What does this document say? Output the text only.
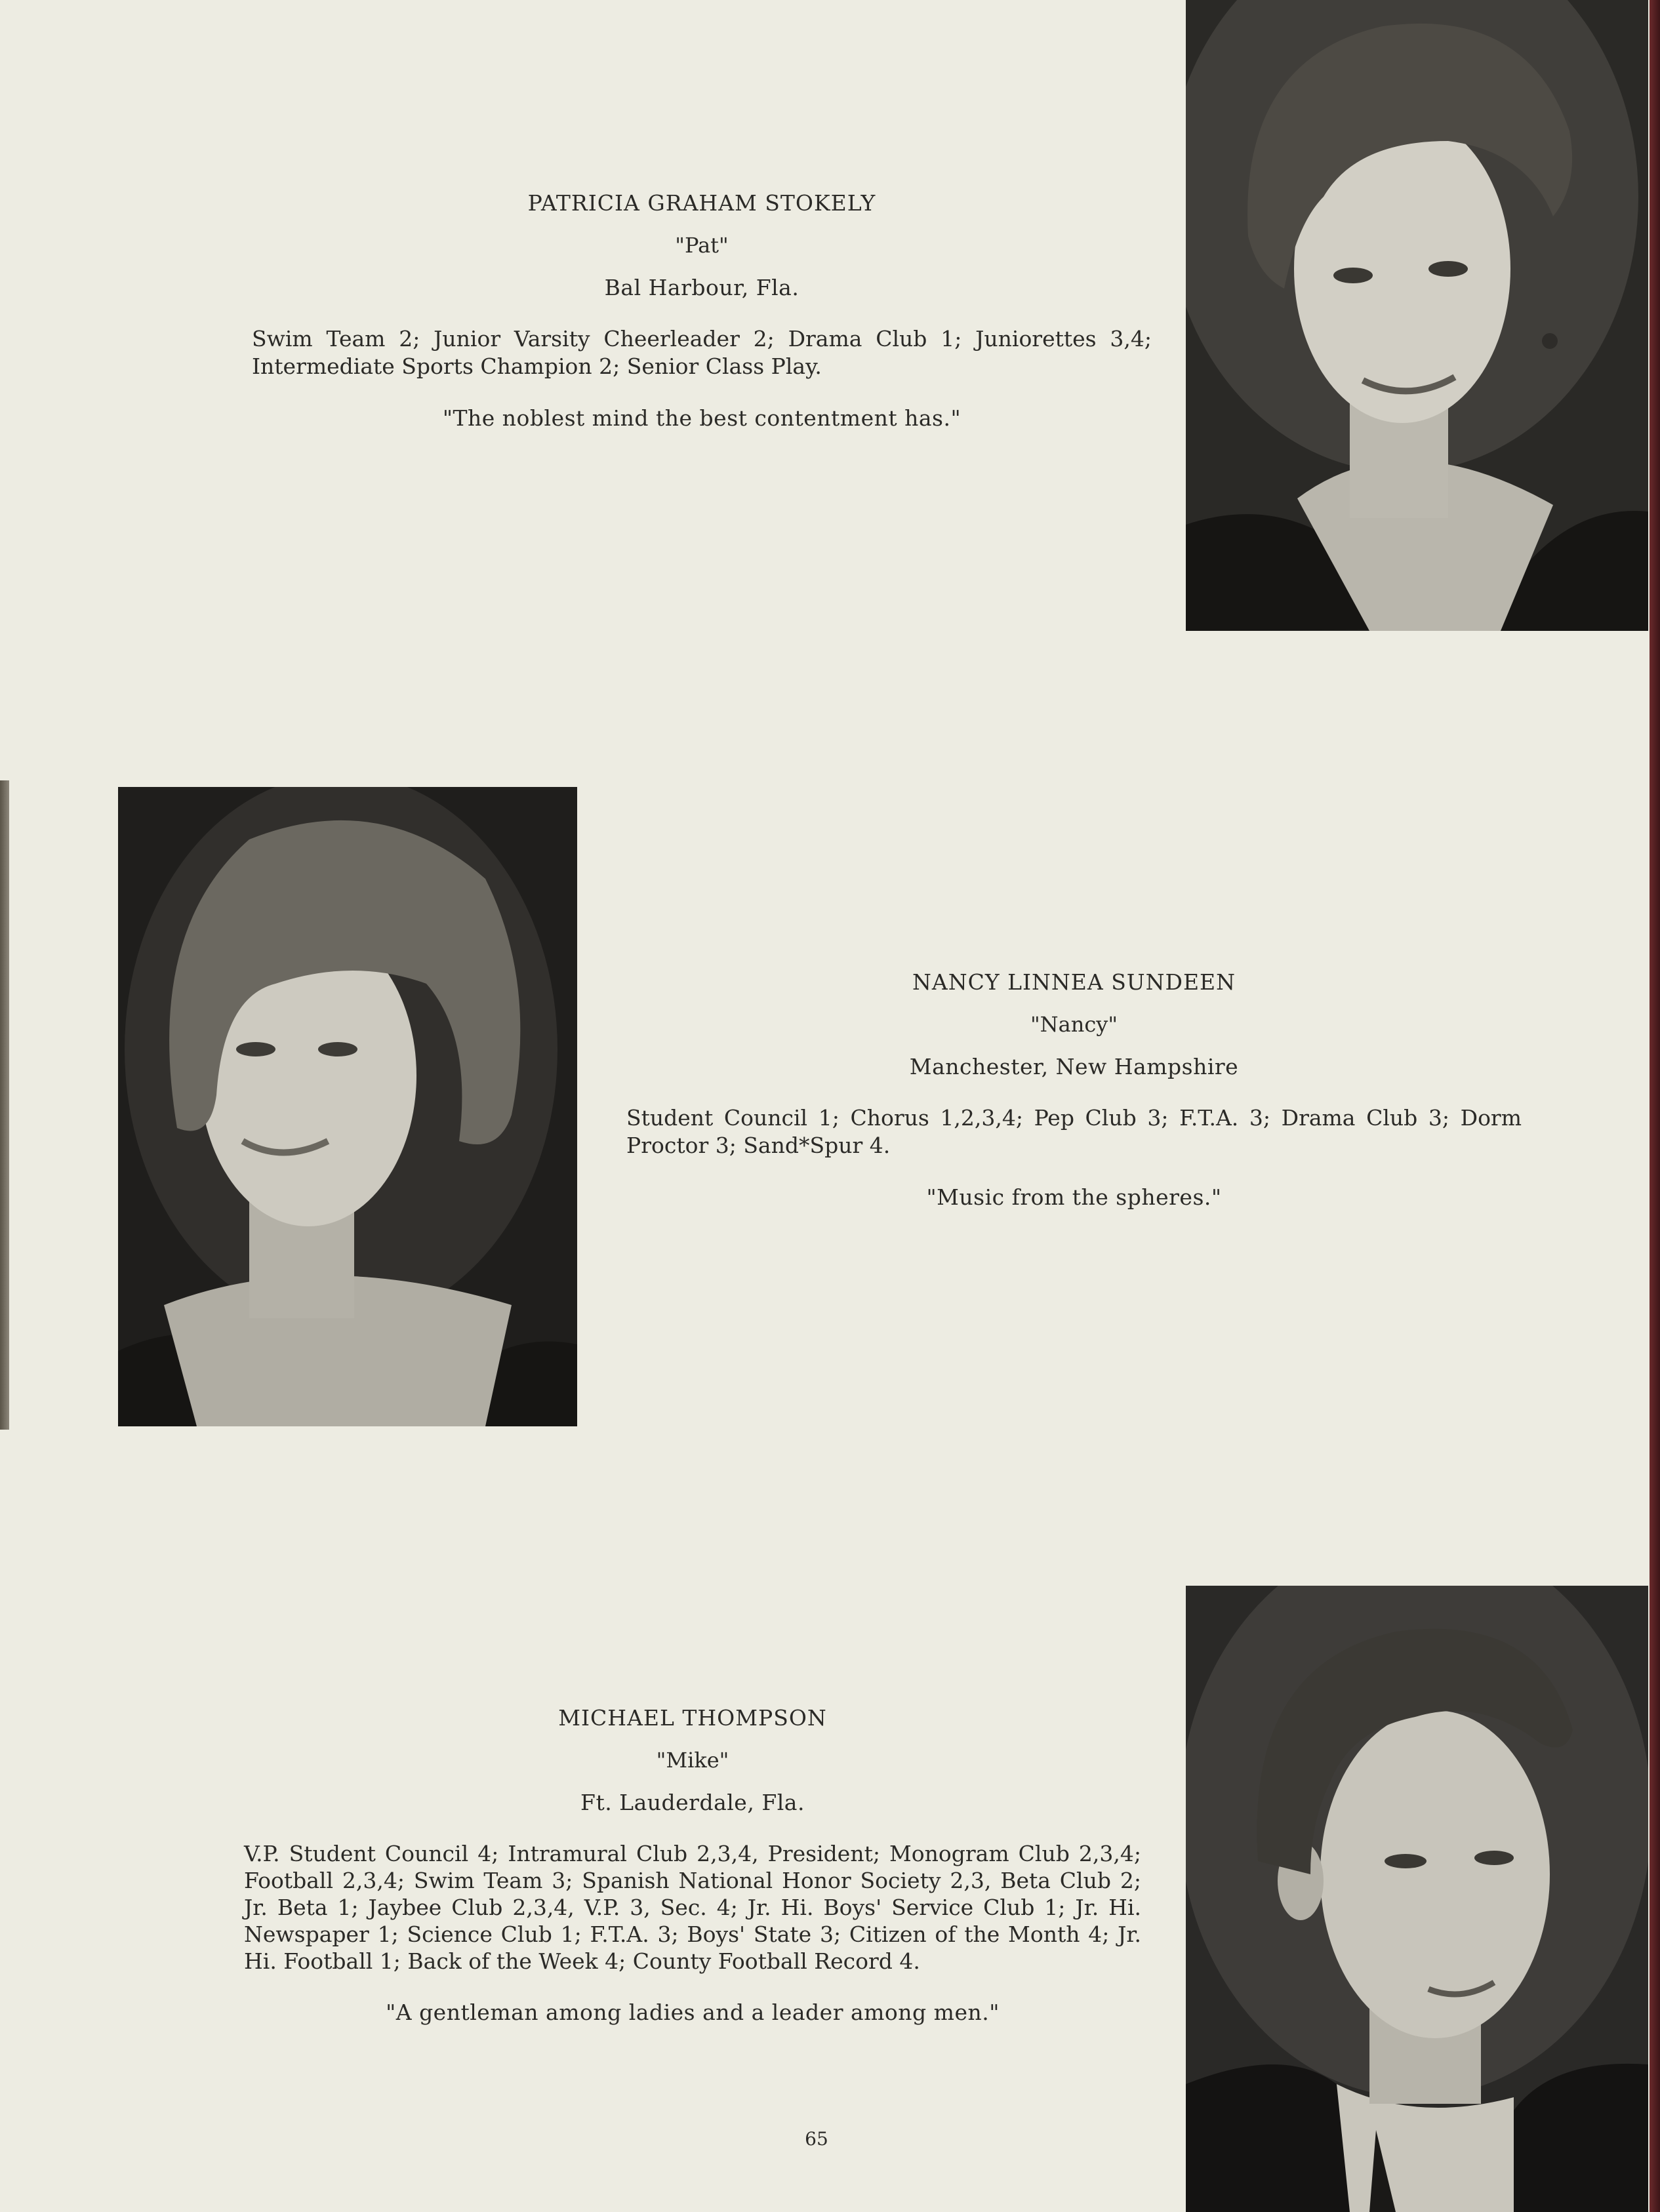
PATRICIA GRAHAM STOKELY
"Pat"
Bal Harbour, Fla.
Swim Team 2; Junior Varsity Cheerleader 2; Drama Club 1; Juniorettes 3,4; Intermediate Sports Champion 2; Senior Class Play.
"The noblest mind the best contentment has."
NANCY LINNEA SUNDEEN
"Nancy"
Manchester, New Hampshire
Student Council 1; Chorus 1,2,3,4; Pep Club 3; F.T.A. 3; Drama Club 3; Dorm Proctor 3; Sand*Spur 4.
"Music from the spheres."
MICHAEL THOMPSON
"Mike"
Ft. Lauderdale, Fla.
V.P. Student Council 4; Intramural Club 2,3,4, President; Monogram Club 2,3,4; Football 2,3,4; Swim Team 3; Spanish National Honor Society 2,3, Beta Club 2; Jr. Beta 1; Jaybee Club 2,3,4, V.P. 3, Sec. 4; Jr. Hi. Boys' Service Club 1; Jr. Hi. Newspaper 1; Science Club 1; F.T.A. 3; Boys' State 3; Citizen of the Month 4; Jr. Hi. Football 1; Back of the Week 4; County Football Record 4.
"A gentleman among ladies and a leader among men."
65
